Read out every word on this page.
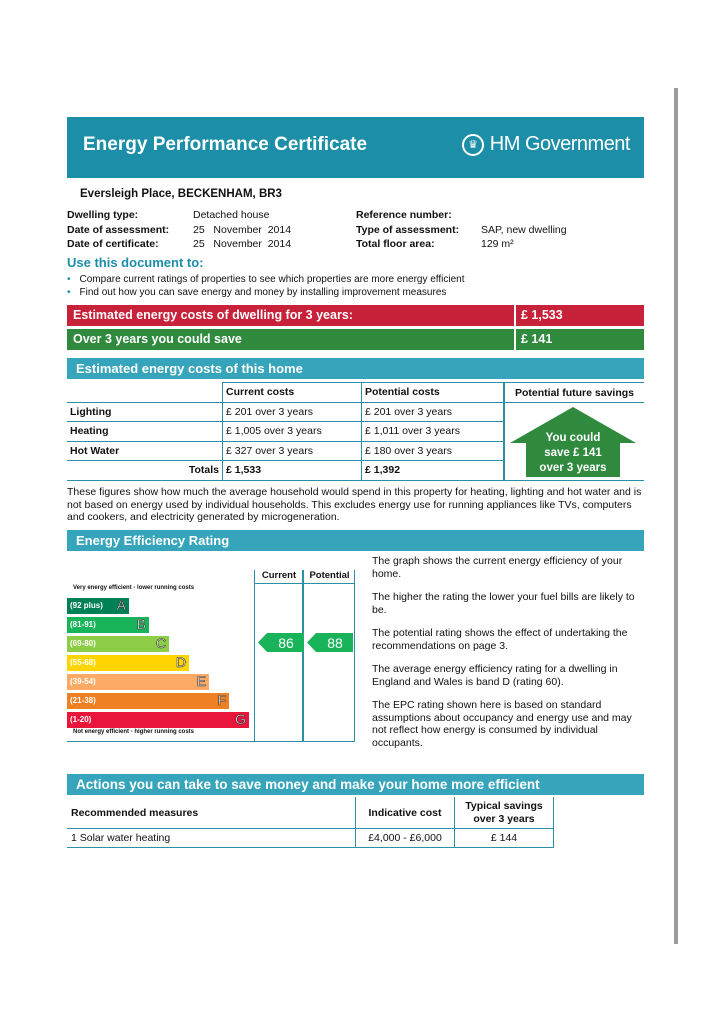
Energy Performance Certificate	♛ HM Government
Eversleigh Place, BECKENHAM, BR3
Dwelling type:	Detached house
Date of assessment: 25   November  2014
Date of certificate:	25   November  2014
Reference number:
Type of assessment: SAP, new dwelling
Total floor area:	129 m²
Use this document to:
• Compare current ratings of properties to see which properties are more energy efficient
• Find out how you can save energy and money by installing improvement measures
Estimated energy costs of dwelling for 3 years:	£ 1,533
Over 3 years you could save	£ 141
Estimated energy costs of this home
	Current costs	Potential costs
Lighting	£ 201 over 3 years	£ 201 over 3 years
Heating	£ 1,005 over 3 years	£ 1,011 over 3 years
Hot Water	£ 327 over 3 years	£ 180 over 3 years
Totals	£ 1,533	£ 1,392
Potential future savings
You could
save £ 141
over 3 years
These figures show how much the average household would spend in this property for heating, lighting and hot water and is not based on energy used by individual households. This excludes energy use for running appliances like TVs, computers and cookers, and electricity generated by microgeneration.
Energy Efficiency Rating
Current	Potential
Very energy efficient - lower running costs
(92 plus) A
(81-91)	B
(69-80)	C
(55-68)	D
(39-54)	E
(21-38)	F
(1-20)	G
Not energy efficient - higher running costs
86 88
The graph shows the current energy efficiency of your home.
The higher the rating the lower your fuel bills are likely to be.
The potential rating shows the effect of undertaking the recommendations on page 3.
The average energy efficiency rating for a dwelling in England and Wales is band D (rating 60).
The EPC rating shown here is based on standard assumptions about occupancy and energy use and may not reflect how energy is consumed by individual occupants.
Actions you can take to save money and make your home more efficient
Recommended measures	Indicative cost	Typical savings over 3 years
1 Solar water heating	£4,000 - £6,000	£ 144
